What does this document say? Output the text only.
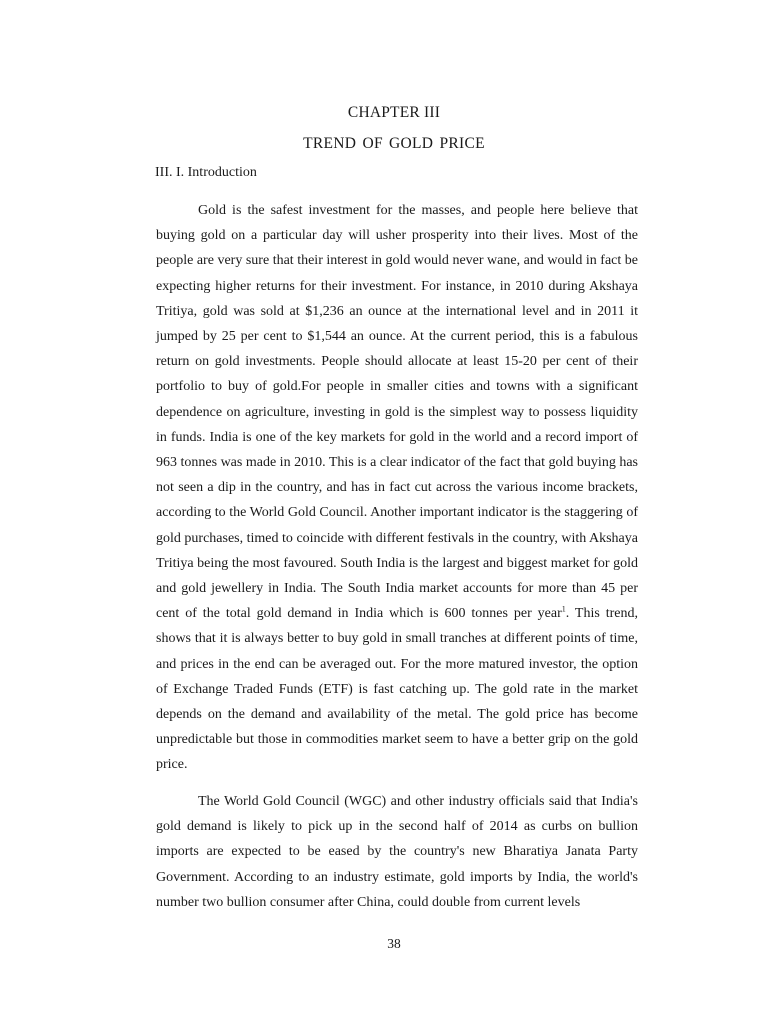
CHAPTER III
TREND OF GOLD PRICE
III. I. Introduction

Gold is the safest investment for the masses, and people here believe that buying gold on a particular day will usher prosperity into their lives. Most of the people are very sure that their interest in gold would never wane, and would in fact be expecting higher returns for their investment. For instance, in 2010 during Akshaya Tritiya, gold was sold at $1,236 an ounce at the international level and in 2011 it jumped by 25 per cent to $1,544 an ounce. At the current period, this is a fabulous return on gold investments. People should allocate at least 15-20 per cent of their portfolio to buy of gold.For people in smaller cities and towns with a significant dependence on agriculture, investing in gold is the simplest way to possess liquidity in funds. India is one of the key markets for gold in the world and a record import of 963 tonnes was made in 2010. This is a clear indicator of the fact that gold buying has not seen a dip in the country, and has in fact cut across the various income brackets, according to the World Gold Council. Another important indicator is the staggering of gold purchases, timed to coincide with different festivals in the country, with Akshaya Tritiya being the most favoured. South India is the largest and biggest market for gold and gold jewellery in India. The South India market accounts for more than 45 per cent of the total gold demand in India which is 600 tonnes per year$^1$. This trend, shows that it is always better to buy gold in small tranches at different points of time, and prices in the end can be averaged out. For the more matured investor, the option of Exchange Traded Funds (ETF) is fast catching up. The gold rate in the market depends on the demand and availability of the metal. The gold price has become unpredictable but those in commodities market seem to have a better grip on the gold price.

The World Gold Council (WGC) and other industry officials said that India's gold demand is likely to pick up in the second half of 2014 as curbs on bullion imports are expected to be eased by the country's new Bharatiya Janata Party Government. According to an industry estimate, gold imports by India, the world's number two bullion consumer after China, could double from current levels

38
